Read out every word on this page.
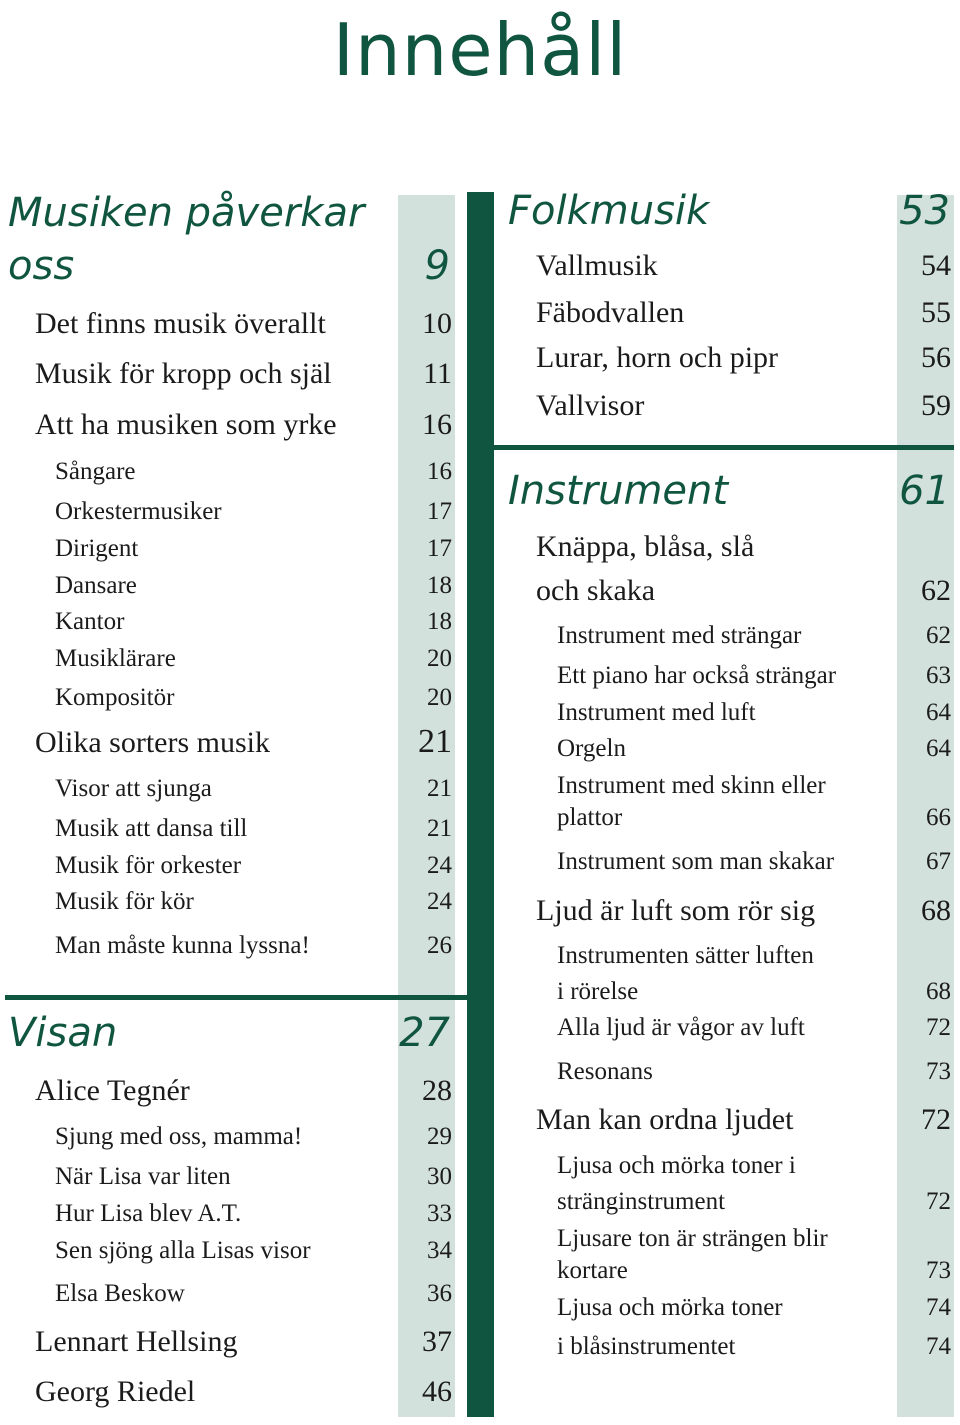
Innehåll
Musiken påverkar
oss	9
Det finns musik överallt	10
Musik för kropp och själ	11
Att ha musiken som yrke	16
Sångare	16
Orkestermusiker	17
Dirigent	17
Dansare	18
Kantor	18
Musiklärare	20
Kompositör	20
Olika sorters musik	21
Visor att sjunga	21
Musik att dansa till	21
Musik för orkester	24
Musik för kör	24
Man måste kunna lyssna!	26
Visan	27
Alice Tegnér	28
Sjung med oss, mamma!	29
När Lisa var liten	30
Hur Lisa blev A.T.	33
Sen sjöng alla Lisas visor	34
Elsa Beskow	36
Lennart Hellsing	37
Georg Riedel	46
Folkmusik	53
Vallmusik	54
Fäbodvallen	55
Lurar, horn och pipr	56
Vallvisor	59
Instrument	61
Knäppa, blåsa, slå
och skaka	62
Instrument med strängar	62
Ett piano har också strängar	63
Instrument med luft	64
Orgeln	64
Instrument med skinn eller
plattor	66
Instrument som man skakar	67
Ljud är luft som rör sig	68
Instrumenten sätter luften
i rörelse	68
Alla ljud är vågor av luft	72
Resonans	73
Man kan ordna ljudet	72
Ljusa och mörka toner i
stränginstrument	72
Ljusare ton är strängen blir
kortare	73
Ljusa och mörka toner	74
i blåsinstrumentet	74
